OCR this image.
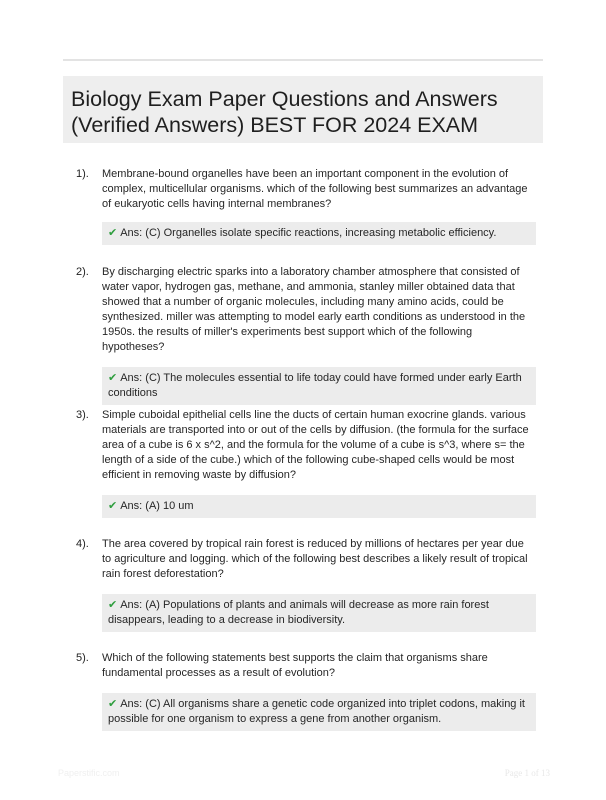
Biology Exam Paper Questions and Answers (Verified Answers) BEST FOR 2024 EXAM
1). Membrane-bound organelles have been an important component in the evolution of complex, multicellular organisms. which of the following best summarizes an advantage of eukaryotic cells having internal membranes?
✔ Ans: (C) Organelles isolate specific reactions, increasing metabolic efficiency.
2). By discharging electric sparks into a laboratory chamber atmosphere that consisted of water vapor, hydrogen gas, methane, and ammonia, stanley miller obtained data that showed that a number of organic molecules, including many amino acids, could be synthesized. miller was attempting to model early earth conditions as understood in the 1950s. the results of miller's experiments best support which of the following hypotheses?
✔ Ans: (C) The molecules essential to life today could have formed under early Earth conditions
3). Simple cuboidal epithelial cells line the ducts of certain human exocrine glands. various materials are transported into or out of the cells by diffusion. (the formula for the surface area of a cube is 6 x s^2, and the formula for the volume of a cube is s^3, where s= the length of a side of the cube.) which of the following cube-shaped cells would be most efficient in removing waste by diffusion?
✔ Ans: (A) 10 um
4). The area covered by tropical rain forest is reduced by millions of hectares per year due to agriculture and logging. which of the following best describes a likely result of tropical rain forest deforestation?
✔ Ans: (A) Populations of plants and animals will decrease as more rain forest disappears, leading to a decrease in biodiversity.
5). Which of the following statements best supports the claim that organisms share fundamental processes as a result of evolution?
✔ Ans: (C) All organisms share a genetic code organized into triplet codons, making it possible for one organism to express a gene from another organism.
Paperstific.com	Page 1 of 13
